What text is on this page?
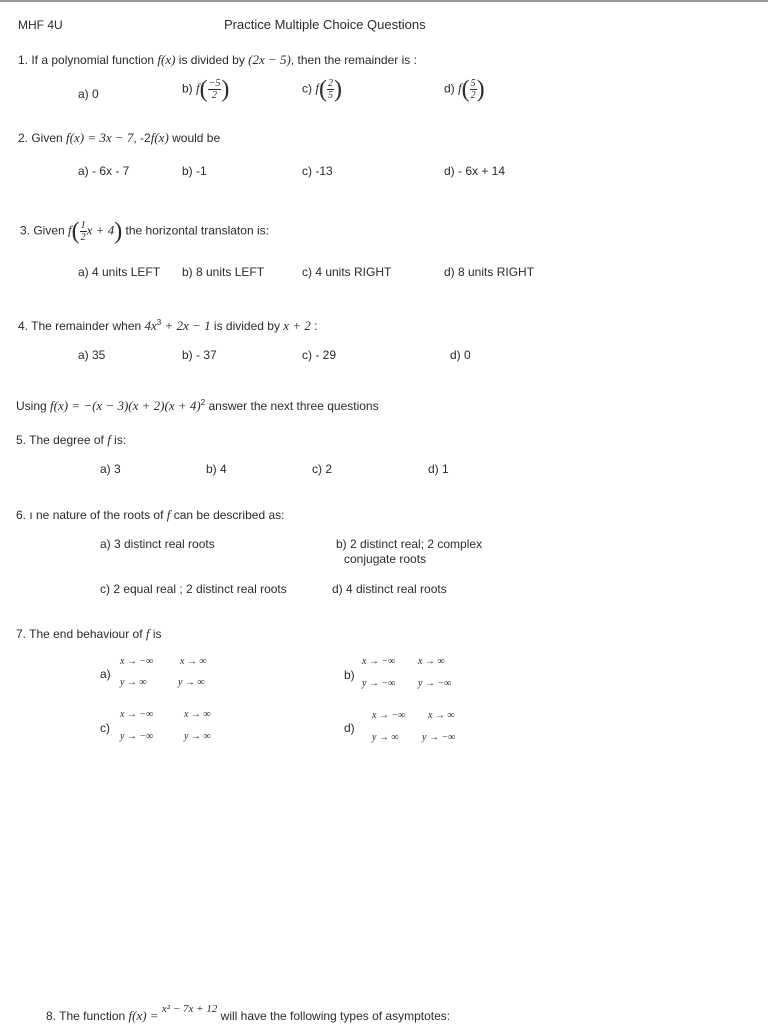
MHF 4U	Practice Multiple Choice Questions
1. If a polynomial function f(x) is divided by (2x − 5), then the remainder is :
a) 0	b) $f( \frac{-5}{2}$ )	c) $f( \frac{2}{5}$ )	d) $f( \frac{5}{2}$ )
2. Given f(x) = 3x − 7, -2f(x) would be
a) - 6x - 7	b) -1	c) -13	d) - 6x + 14
3. Given $f( \frac{1}{2}$ x + 4) the horizontal translaton is:
a) 4 units LEFT b) 8 units LEFT	c) 4 units RIGHT	d) 8 units RIGHT
4. The remainder when $4x^3 + 2x - 1$ is divided by x + 2 :
a) 35	b) - 37	c) - 29	d) 0
Using $f(x) = -(x - 3)(x + 2)(x + 4)^2$ answer the next three questions
5. The degree of f is:
a) 3	b) 4	c) 2	d) 1
6. ı ne nature of the roots of f can be described as:
a) 3 distinct real roots	b) 2 distinct real; 2 complex
conjugate roots
c) 2 equal real ; 2 distinct real roots	d) 4 distinct real roots
7. The end behaviour of f is
a)
x → −∞	x → ∞
y → ∞	y → ∞
b)
x → −∞ x → ∞
y → −∞ y → −∞
c)
x → −∞	x → ∞
y → −∞	y → ∞
d)
x → −∞ x → ∞
y → ∞ y → −∞
8. The function f(x) = x² − 7x + 12 will have the following types of asymptotes:
